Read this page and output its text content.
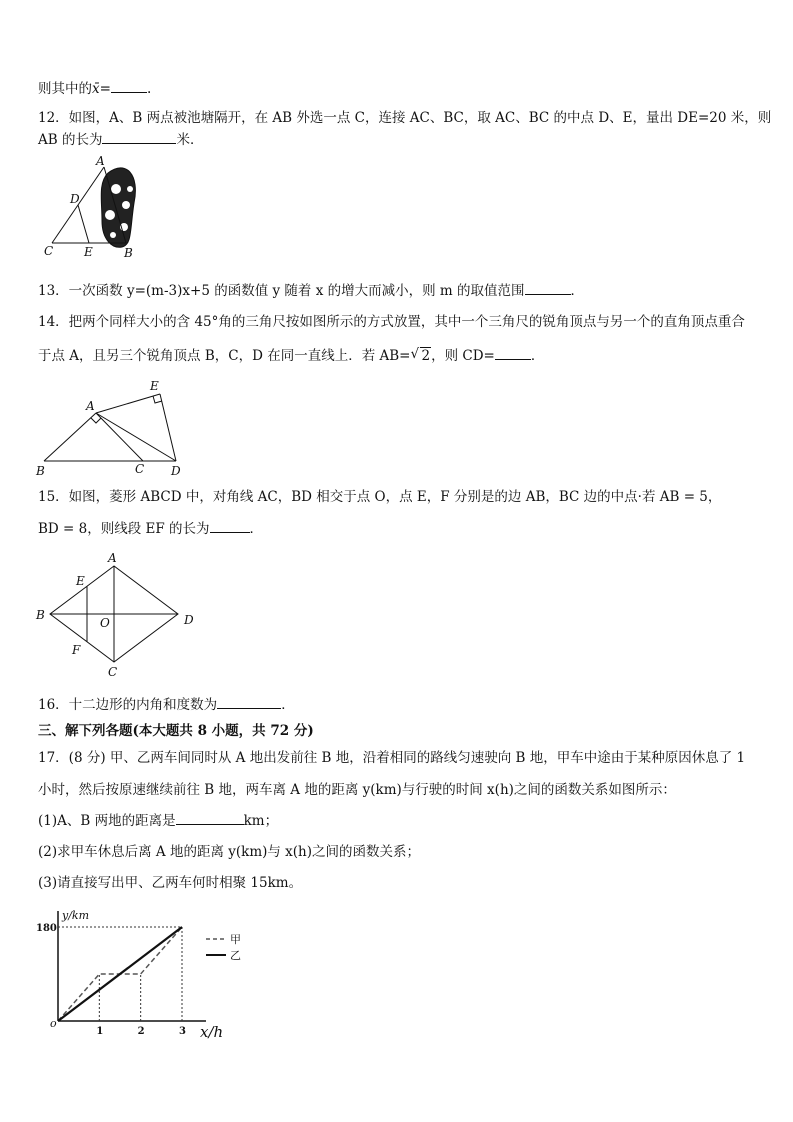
则其中的x̄=	.
12．如图，A、B 两点被池塘隔开，在 AB 外选一点 C，连接 AC、BC，取 AC、BC 的中点 D、E，量出 DE=20 米，则
AB 的长为	米．
A
D
C	E	B
13．一次函数 y=(m-3)x+5 的函数值 y 随着 x 的增大而减小，则 m 的取值范围	．
14．把两个同样大小的含 45°角的三角尺按如图所示的方式放置，其中一个三角尺的锐角顶点与另一个的直角顶点重合
于点 A，且另三个锐角顶点 B，C，D 在同一直线上．若 AB= √ 2，则 CD=	．
A
E
B	C D
15．如图，菱形 ABCD 中，对角线 AC，BD 相交于点 O，点 E，F 分别是的边 AB，BC 边的中点·若 AB = 5，
BD = 8，则线段 EF 的长为	．
A
E
B
O	D
F
C
16．十二边形的内角和度数为	．
三、解下列各题(本大题共 8 小题，共 72 分)
17．(8 分) 甲、乙两车间同时从 A 地出发前往 B 地，沿着相同的路线匀速驶向 B 地，甲车中途由于某种原因休息了 1
小时，然后按原速继续前往 B 地，两车离 A 地的距离 y(km)与行驶的时间 x(h)之间的函数关系如图所示：
(1)A、B 两地的距离是	km；
(2)求甲车休息后离 A 地的距离 y(km)与 x(h)之间的函数关系；
(3)请直接写出甲、乙两车何时相聚 15km。
y/km
x/h
o
180
1	2	3
甲
乙
